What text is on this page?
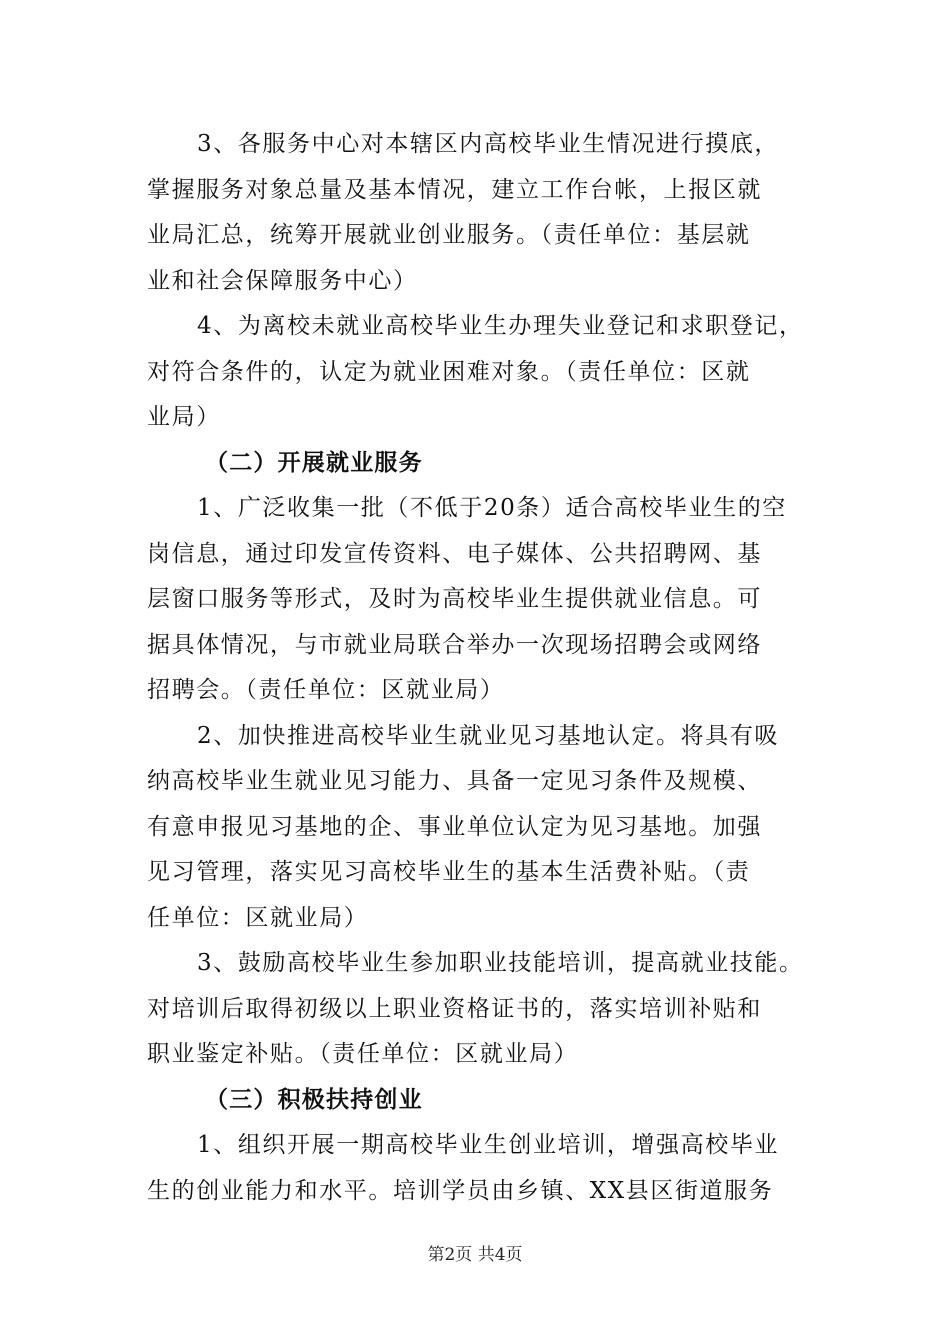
3、各服务中心对本辖区内高校毕业生情况进行摸底，
掌握服务对象总量及基本情况，建立工作台帐，上报区就
业局汇总，统筹开展就业创业服务。（责任单位：基层就
业和社会保障服务中心）
4、为离校未就业高校毕业生办理失业登记和求职登记，
对符合条件的，认定为就业困难对象。（责任单位：区就
业局）
（二）开展就业服务
1、广泛收集一批（不低于20条）适合高校毕业生的空
岗信息，通过印发宣传资料、电子媒体、公共招聘网、基
层窗口服务等形式，及时为高校毕业生提供就业信息。可
据具体情况，与市就业局联合举办一次现场招聘会或网络
招聘会。（责任单位：区就业局）
2、加快推进高校毕业生就业见习基地认定。将具有吸
纳高校毕业生就业见习能力、具备一定见习条件及规模、
有意申报见习基地的企、事业单位认定为见习基地。加强
见习管理，落实见习高校毕业生的基本生活费补贴。（责
任单位：区就业局）
3、鼓励高校毕业生参加职业技能培训，提高就业技能。
对培训后取得初级以上职业资格证书的，落实培训补贴和
职业鉴定补贴。（责任单位：区就业局）
（三）积极扶持创业
1、组织开展一期高校毕业生创业培训，增强高校毕业
生的创业能力和水平。培训学员由乡镇、XX县区街道服务
第2页 共4页
